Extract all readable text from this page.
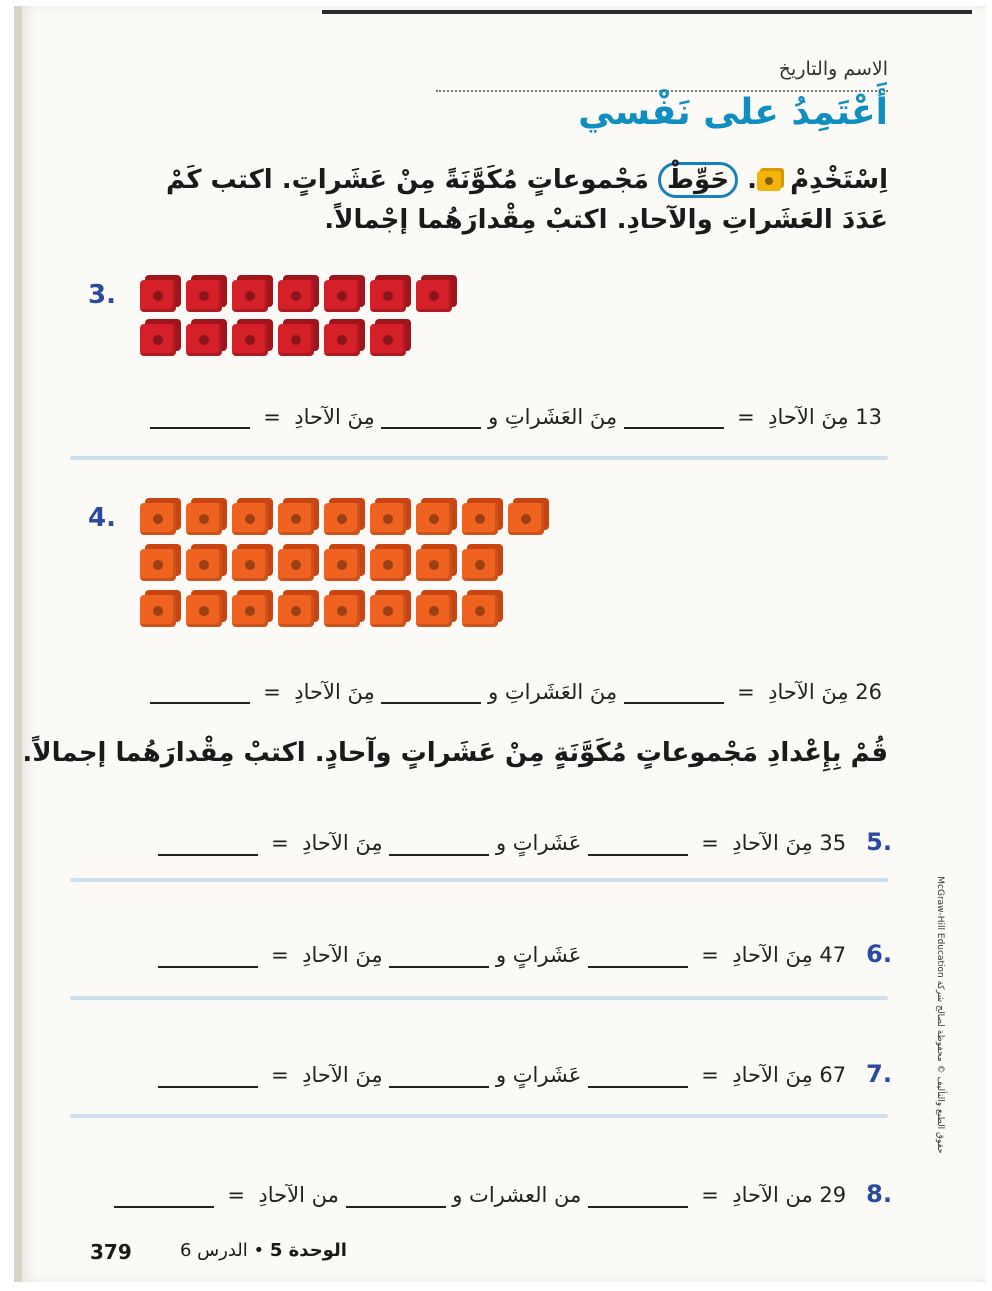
الاسم والتاريخ
أَعْتَمِدُ على نَفْسي
اِسْتَخْدِمْ . حَوِّطْ مَجْموعاتٍ مُكَوَّنَةً مِنْ عَشَراتٍ. اكتب كَمْ عَدَدَ العَشَراتِ والآحادِ. اكتبْ مِقْدارَهُما إجْمالاً.
3.
13 مِنَ الآحادِ  =   مِنَ العَشَراتِ و  مِنَ الآحادِ  =
4.
26 مِنَ الآحادِ  =   مِنَ العَشَراتِ و  مِنَ الآحادِ  =
قُمْ بِإِعْدادِ مَجْموعاتٍ مُكَوَّنَةٍ مِنْ عَشَراتٍ وآحادٍ. اكتبْ مِقْدارَهُما إجمالاً.
.5   35 مِنَ الآحادِ  =   عَشَراتٍ و  مِنَ الآحادِ  =
.6   47 مِنَ الآحادِ  =   عَشَراتٍ و  مِنَ الآحادِ  =
.7   67 مِنَ الآحادِ  =   عَشَراتٍ و  مِنَ الآحادِ  =
.8   29 من الآحادِ  =   من العشرات و  من الآحادِ  =
McGraw-Hill Education حقوق الطبع والتأليف © محفوظة لصالح شركة
379	الوحدة 5 • الدرس 6
